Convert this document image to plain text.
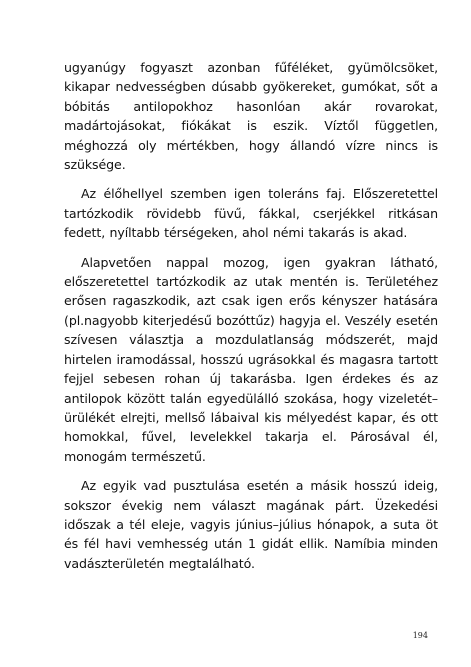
ugyanúgy fogyaszt azonban fűféléket, gyümölcsöket, kikapar nedvességben dúsabb gyökereket, gumókat, sőt a bóbitás antilopokhoz hasonlóan akár rovarokat, madártojásokat, fiókákat is eszik. Víztől független, méghozzá oly mértékben, hogy állandó vízre nincs is szüksége.

Az élőhellyel szemben igen toleráns faj. Előszeretettel tartózkodik rövidebb füvű, fákkal, cserjékkel ritkásan fedett, nyíltabb térségeken, ahol némi takarás is akad.

Alapvetően nappal mozog, igen gyakran látható, előszeretettel tartózkodik az utak mentén is. Területéhez erősen ragaszkodik, azt csak igen erős kényszer hatására (pl.nagyobb kiterjedésű bozóttűz) hagyja el. Veszély esetén szívesen választja a mozdulatlanság módszerét, majd hirtelen iramodással, hosszú ugrásokkal és magasra tartott fejjel sebesen rohan új takarásba. Igen érdekes és az antilopok között talán egyedülálló szokása, hogy vizeletét–ürülékét elrejti, mellső lábaival kis mélyedést kapar, és ott homokkal, fűvel, levelekkel takarja el. Párosával él, monogám természetű.

Az egyik vad pusztulása esetén a másik hosszú ideig, sokszor évekig nem választ magának párt. Üzekedési időszak a tél eleje, vagyis június–július hónapok, a suta öt és fél havi vemhesség után 1 gidát ellik. Namíbia minden vadászterületén megtalálható.

194
